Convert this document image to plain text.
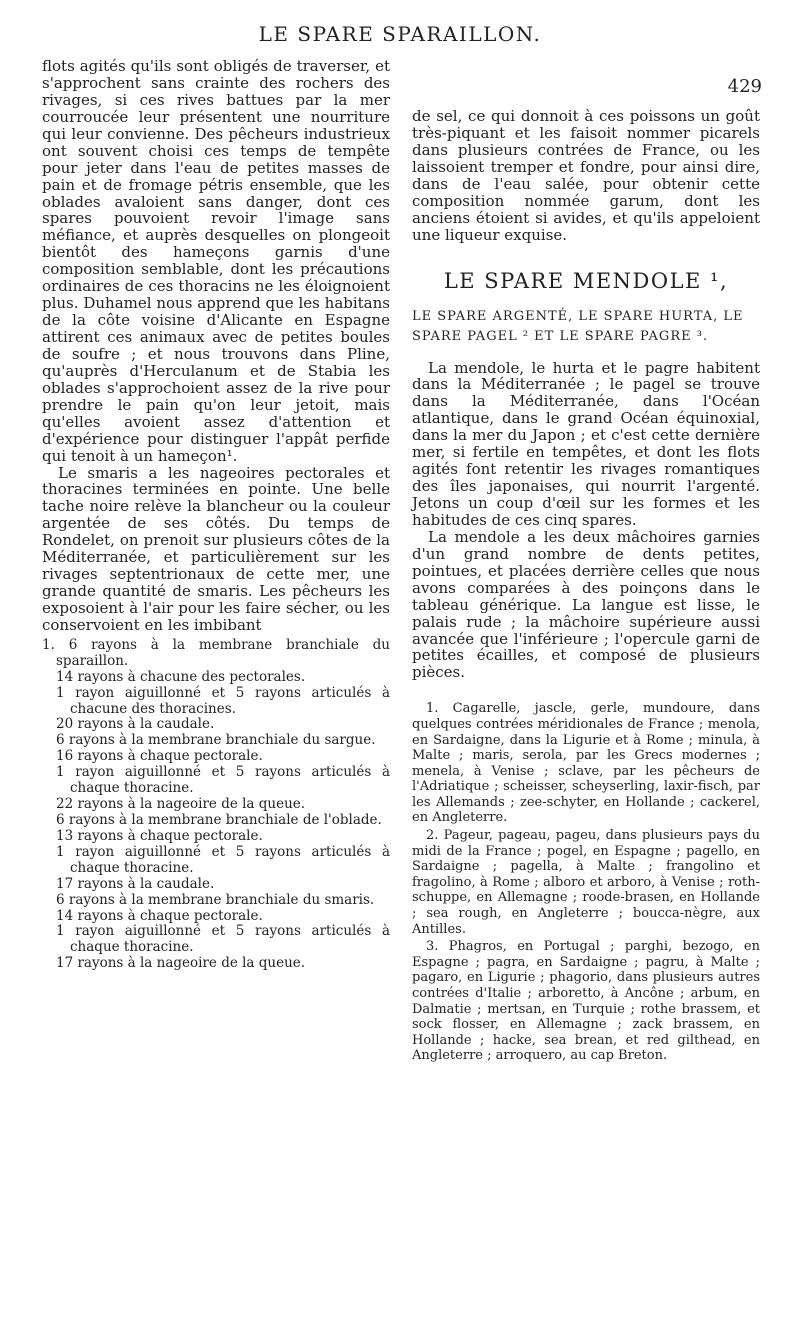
LE SPARE SPARAILLON.
429

flots agités qu'ils sont obligés de traverser, et s'approchent sans crainte des rochers des rivages, si ces rives battues par la mer courroucée leur présentent une nourriture qui leur convienne. Des pêcheurs industrieux ont souvent choisi ces temps de tempête pour jeter dans l'eau de petites masses de pain et de fromage pétris ensemble, que les oblades avaloient sans danger, dont ces spares pouvoient revoir l'image sans méfiance, et auprès desquelles on plongeoit bientôt des hameçons garnis d'une composition semblable, dont les précautions ordinaires de ces thoracins ne les éloignoient plus. Duhamel nous apprend que les habitans de la côte voisine d'Alicante en Espagne attirent ces animaux avec de petites boules de soufre ; et nous trouvons dans Pline, qu'auprès d'Herculanum et de Stabia les oblades s'approchoient assez de la rive pour prendre le pain qu'on leur jetoit, mais qu'elles avoient assez d'attention et d'expérience pour distinguer l'appât perfide qui tenoit à un hameçon¹.

Le smaris a les nageoires pectorales et thoracines terminées en pointe. Une belle tache noire relève la blancheur ou la couleur argentée de ses côtés. Du temps de Rondelet, on prenoit sur plusieurs côtes de la Méditerranée, et particulièrement sur les rivages septentrionaux de cette mer, une grande quantité de smaris. Les pêcheurs les exposoient à l'air pour les faire sécher, ou les conservoient en les imbibant

1. 6 rayons à la membrane branchiale du sparaillon.

14 rayons à chacune des pectorales.

1 rayon aiguillonné et 5 rayons articulés à chacune des thoracines.

20 rayons à la caudale.

6 rayons à la membrane branchiale du sargue.

16 rayons à chaque pectorale.

1 rayon aiguillonné et 5 rayons articulés à chaque thoracine.

22 rayons à la nageoire de la queue.

6 rayons à la membrane branchiale de l'oblade.

13 rayons à chaque pectorale.

1 rayon aiguillonné et 5 rayons articulés à chaque thoracine.

17 rayons à la caudale.

6 rayons à la membrane branchiale du smaris.

14 rayons à chaque pectorale.

1 rayon aiguillonné et 5 rayons articulés à chaque thoracine.

17 rayons à la nageoire de la queue.

de sel, ce qui donnoit à ces poissons un goût très-piquant et les faisoit nommer picarels dans plusieurs contrées de France, ou les laissoient tremper et fondre, pour ainsi dire, dans de l'eau salée, pour obtenir cette composition nommée garum, dont les anciens étoient si avides, et qu'ils appeloient une liqueur exquise.

LE SPARE MENDOLE ¹,
LE SPARE ARGENTÉ, LE SPARE HURTA, LE SPARE PAGEL ² ET LE SPARE PAGRE ³.

La mendole, le hurta et le pagre habitent dans la Méditerranée ; le pagel se trouve dans la Méditerranée, dans l'Océan atlantique, dans le grand Océan équinoxial, dans la mer du Japon ; et c'est cette dernière mer, si fertile en tempêtes, et dont les flots agités font retentir les rivages romantiques des îles japonaises, qui nourrit l'argenté. Jetons un coup d'œil sur les formes et les habitudes de ces cinq spares.

La mendole a les deux mâchoires garnies d'un grand nombre de dents petites, pointues, et placées derrière celles que nous avons comparées à des poinçons dans le tableau générique. La langue est lisse, le palais rude ; la mâchoire supérieure aussi avancée que l'inférieure ; l'opercule garni de petites écailles, et composé de plusieurs pièces.

1. Cagarelle, jascle, gerle, mundoure, dans quelques contrées méridionales de France ; menola, en Sardaigne, dans la Ligurie et à Rome ; minula, à Malte ; maris, serola, par les Grecs modernes ; menela, à Venise ; sclave, par les pêcheurs de l'Adriatique ; scheisser, scheyserling, laxir-fisch, par les Allemands ; zee-schyter, en Hollande ; cackerel, en Angleterre.

2. Pageur, pageau, pageu, dans plusieurs pays du midi de la France ; pogel, en Espagne ; pagello, en Sardaigne ; pagella, à Malte ; frangolino et fragolino, à Rome ; alboro et arboro, à Venise ; roth-schuppe, en Allemagne ; roode-brasen, en Hollande ; sea rough, en Angleterre ; boucca-nègre, aux Antilles.

3. Phagros, en Portugal ; parghi, bezogo, en Espagne ; pagra, en Sardaigne ; pagru, à Malte ; pagaro, en Ligurie ; phagorio, dans plusieurs autres contrées d'Italie ; arboretto, à Ancône ; arbum, en Dalmatie ; mertsan, en Turquie ; rothe brassem, et sock flosser, en Allemagne ; zack brassem, en Hollande ; hacke, sea brean, et red gilthead, en Angleterre ; arroquero, au cap Breton.
